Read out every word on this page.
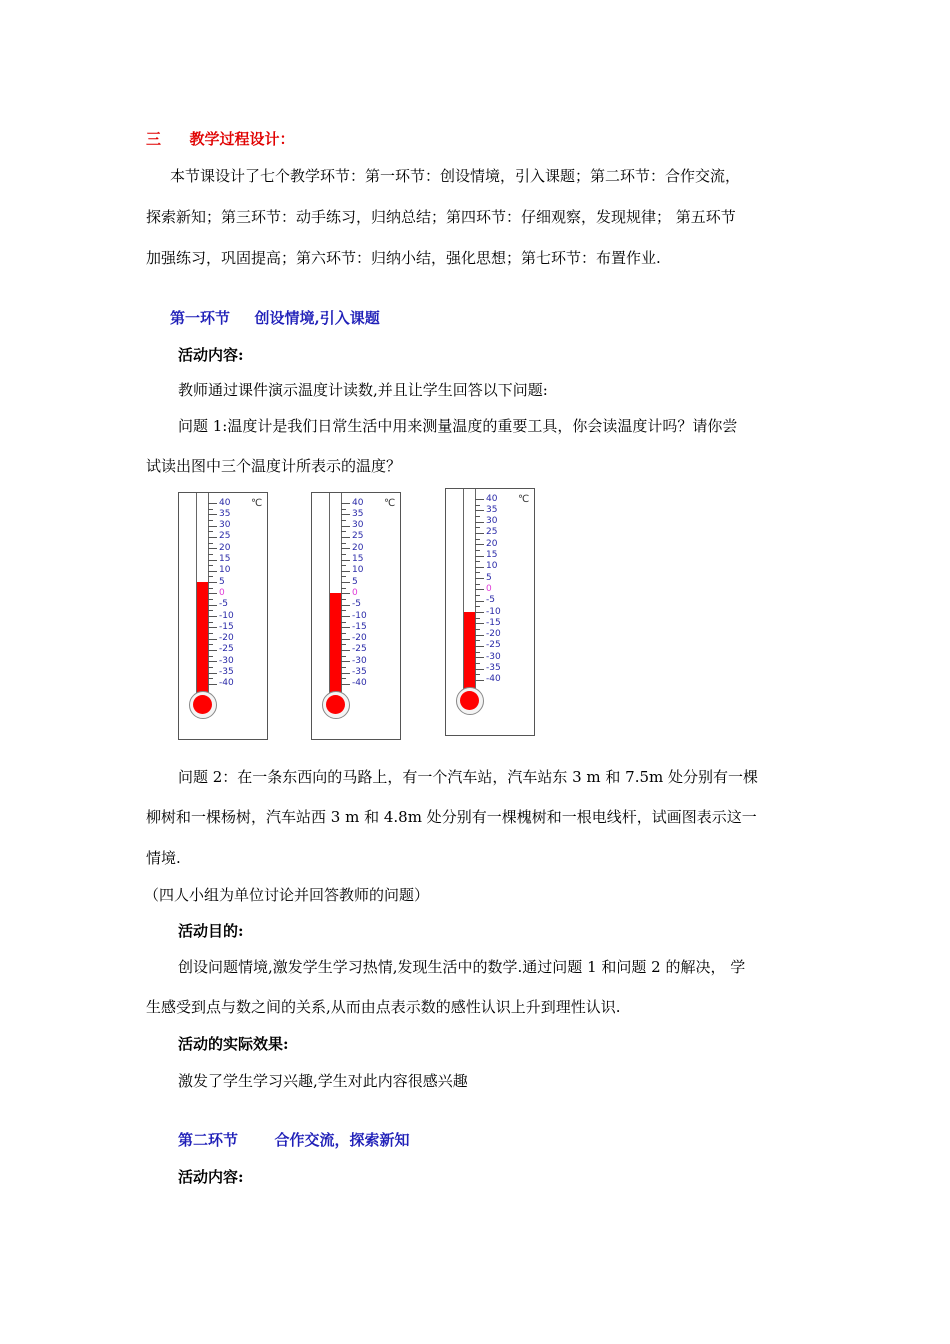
三 教学过程设计：
本节课设计了七个教学环节：第一环节：创设情境，引入课题；第二环节：合作交流，
探索新知；第三环节：动手练习，归纳总结；第四环节：仔细观察，发现规律； 第五环节
加强练习，巩固提高；第六环节：归纳小结，强化思想；第七环节：布置作业.
第一环节 创设情境,引入课题
活动内容:
教师通过课件演示温度计读数,并且让学生回答以下问题:
问题 1:温度计是我们日常生活中用来测量温度的重要工具，你会读温度计吗？请你尝
试读出图中三个温度计所表示的温度？
40
35
30
25
20
15
10
5
0
-5
-10
-15
-20
-25
-30
-35
-40
℃	40
35
30
25
20
15
10
5
0
-5
-10
-15
-20
-25
-30
-35
-40
℃	40
35
30
25
20
15
10
5
0
-5
-10
-15
-20
-25
-30
-35
-40
℃
问题 2：在一条东西向的马路上，有一个汽车站，汽车站东 3 m 和 7.5m 处分别有一棵
柳树和一棵杨树，汽车站西 3 m 和 4.8m 处分别有一棵槐树和一根电线杆，试画图表示这一
情境.
（四人小组为单位讨论并回答教师的问题）
活动目的:
创设问题情境,激发学生学习热情,发现生活中的数学.通过问题 1 和问题 2 的解决， 学
生感受到点与数之间的关系,从而由点表示数的感性认识上升到理性认识.
活动的实际效果:
激发了学生学习兴趣,学生对此内容很感兴趣
第二环节 合作交流，探索新知
活动内容:
